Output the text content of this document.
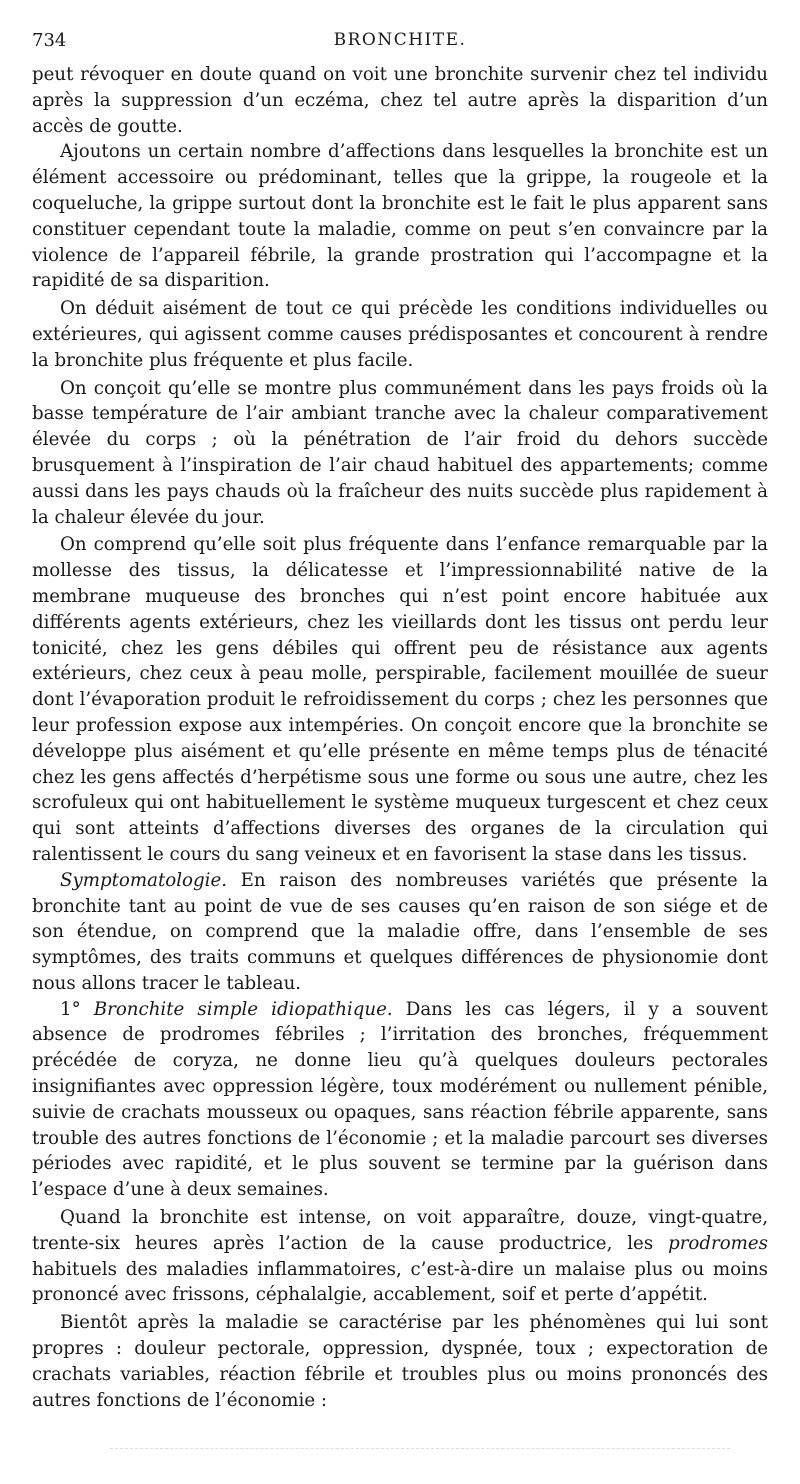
734	BRONCHITE.

peut révoquer en doute quand on voit une bronchite survenir chez tel individu après la suppression d’un eczéma, chez tel autre après la disparition d’un accès de goutte.

Ajoutons un certain nombre d’affections dans lesquelles la bronchite est un élément accessoire ou prédominant, telles que la grippe, la rougeole et la coqueluche, la grippe surtout dont la bronchite est le fait le plus apparent sans constituer cependant toute la maladie, comme on peut s’en convaincre par la violence de l’appareil fébrile, la grande prostration qui l’accompagne et la rapidité de sa disparition.

On déduit aisément de tout ce qui précède les conditions individuelles ou extérieures, qui agissent comme causes prédisposantes et concourent à rendre la bronchite plus fréquente et plus facile.

On conçoit qu’elle se montre plus communément dans les pays froids où la basse température de l’air ambiant tranche avec la chaleur comparativement élevée du corps ; où la pénétration de l’air froid du dehors succède brusquement à l’inspiration de l’air chaud habituel des appartements; comme aussi dans les pays chauds où la fraîcheur des nuits succède plus rapidement à la chaleur élevée du jour.

On comprend qu’elle soit plus fréquente dans l’enfance remarquable par la mollesse des tissus, la délicatesse et l’impressionnabilité native de la membrane muqueuse des bronches qui n’est point encore habituée aux différents agents extérieurs, chez les vieillards dont les tissus ont perdu leur tonicité, chez les gens débiles qui offrent peu de résistance aux agents extérieurs, chez ceux à peau molle, perspirable, facilement mouillée de sueur dont l’évaporation produit le refroidissement du corps ; chez les personnes que leur profession expose aux intempéries. On conçoit encore que la bronchite se développe plus aisément et qu’elle présente en même temps plus de ténacité chez les gens affectés d’herpétisme sous une forme ou sous une autre, chez les scrofuleux qui ont habituellement le système muqueux turgescent et chez ceux qui sont atteints d’affections diverses des organes de la circulation qui ralentissent le cours du sang veineux et en favorisent la stase dans les tissus.

Symptomatologie. En raison des nombreuses variétés que présente la bronchite tant au point de vue de ses causes qu’en raison de son siége et de son étendue, on comprend que la maladie offre, dans l’ensemble de ses symptômes, des traits communs et quelques différences de physionomie dont nous allons tracer le tableau.

1° Bronchite simple idiopathique. Dans les cas légers, il y a souvent absence de prodromes fébriles ; l’irritation des bronches, fréquemment précédée de coryza, ne donne lieu qu’à quelques douleurs pectorales insignifiantes avec oppression légère, toux modérément ou nullement pénible, suivie de crachats mousseux ou opaques, sans réaction fébrile apparente, sans trouble des autres fonctions de l’économie ; et la maladie parcourt ses diverses périodes avec rapidité, et le plus souvent se termine par la guérison dans l’espace d’une à deux semaines.

Quand la bronchite est intense, on voit apparaître, douze, vingt-quatre, trente-six heures après l’action de la cause productrice, les prodromes habituels des maladies inflammatoires, c’est-à-dire un malaise plus ou moins prononcé avec frissons, céphalalgie, accablement, soif et perte d’appétit.

Bientôt après la maladie se caractérise par les phénomènes qui lui sont propres : douleur pectorale, oppression, dyspnée, toux ; expectoration de crachats variables, réaction fébrile et troubles plus ou moins prononcés des autres fonctions de l’économie :
